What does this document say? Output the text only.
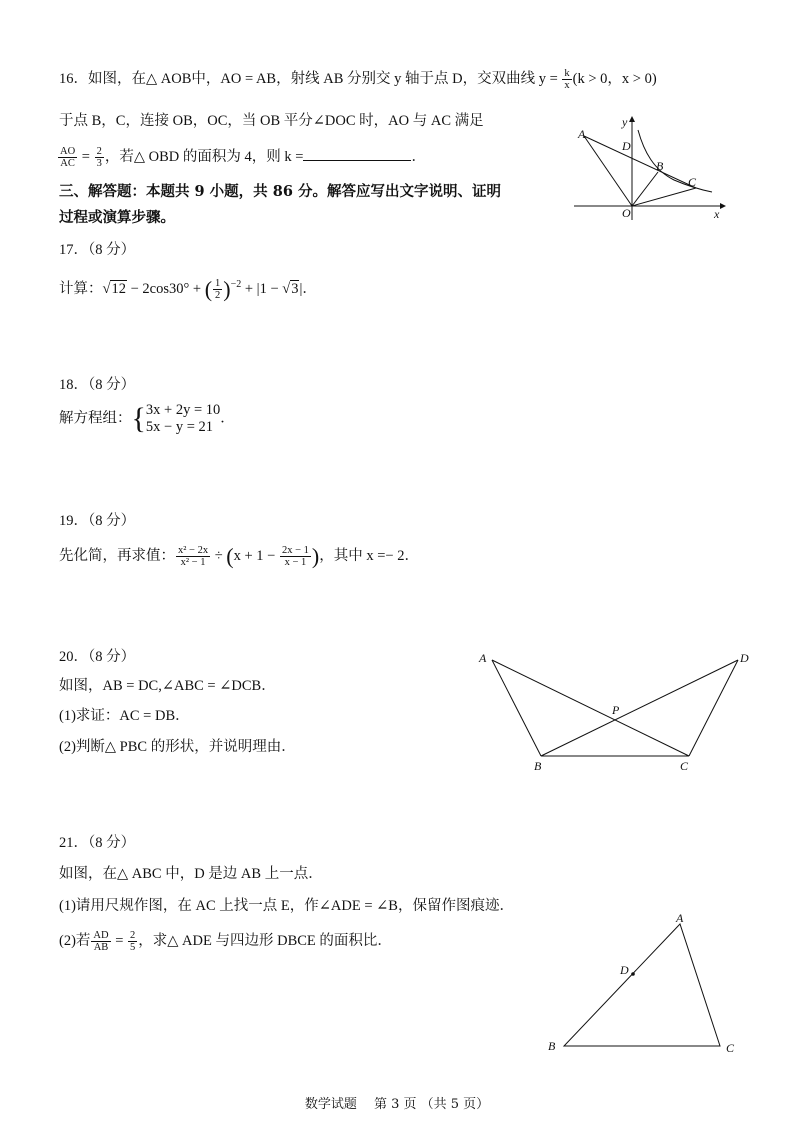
16．如图，在△ AOB中，AO = AB，射线 AB 分别交 y 轴于点 D，交双曲线 $y = \frac{k}{x} (k > 0$，x > 0)
于点 B，C，连接 OB，OC，当 OB 平分∠DOC 时，AO 与 AC 满足
$\frac{AO}{AC} = \frac{2}{3}$ ，若△ OBD 的面积为 4，则 k =	．
A
D
B
C
O	x
y
三、解答题：本题共 9 小题，共 86 分。解答应写出文字说明、证明
过程或演算步骤。
17．（8 分）
计算：√12 − 2cos30° + ( $\frac{1}{2} )^{-2} + |1 - √3|$．
18．（8 分）
解方程组：{ 3x + 2y = 10
5x − y = 21
．
19．（8 分）
先化简，再求值： $\frac{\text{x² − 2x}}{\text{x² − 1}} \div (x + 1 - \frac{2x - 1}{x - 1}$ )，其中 x =− 2．
20．（8 分）
如图，AB = DC,∠ABC = ∠DCB．
(1)求证：AC = DB．
(2)判断△ PBC 的形状，并说明理由．
A	D
P
B	C
21．（8 分）
如图，在△ ABC 中，D 是边 AB 上一点．
(1)请用尺规作图，在 AC 上找一点 E，作∠ADE = ∠B，保留作图痕迹．
(2)若 $\frac{AD}{AB} = \frac{2}{5}$ ，求△ ADE 与四边形 DBCE 的面积比．
A
D
B	C
数学试题　 第 3 页 （共 5 页）
